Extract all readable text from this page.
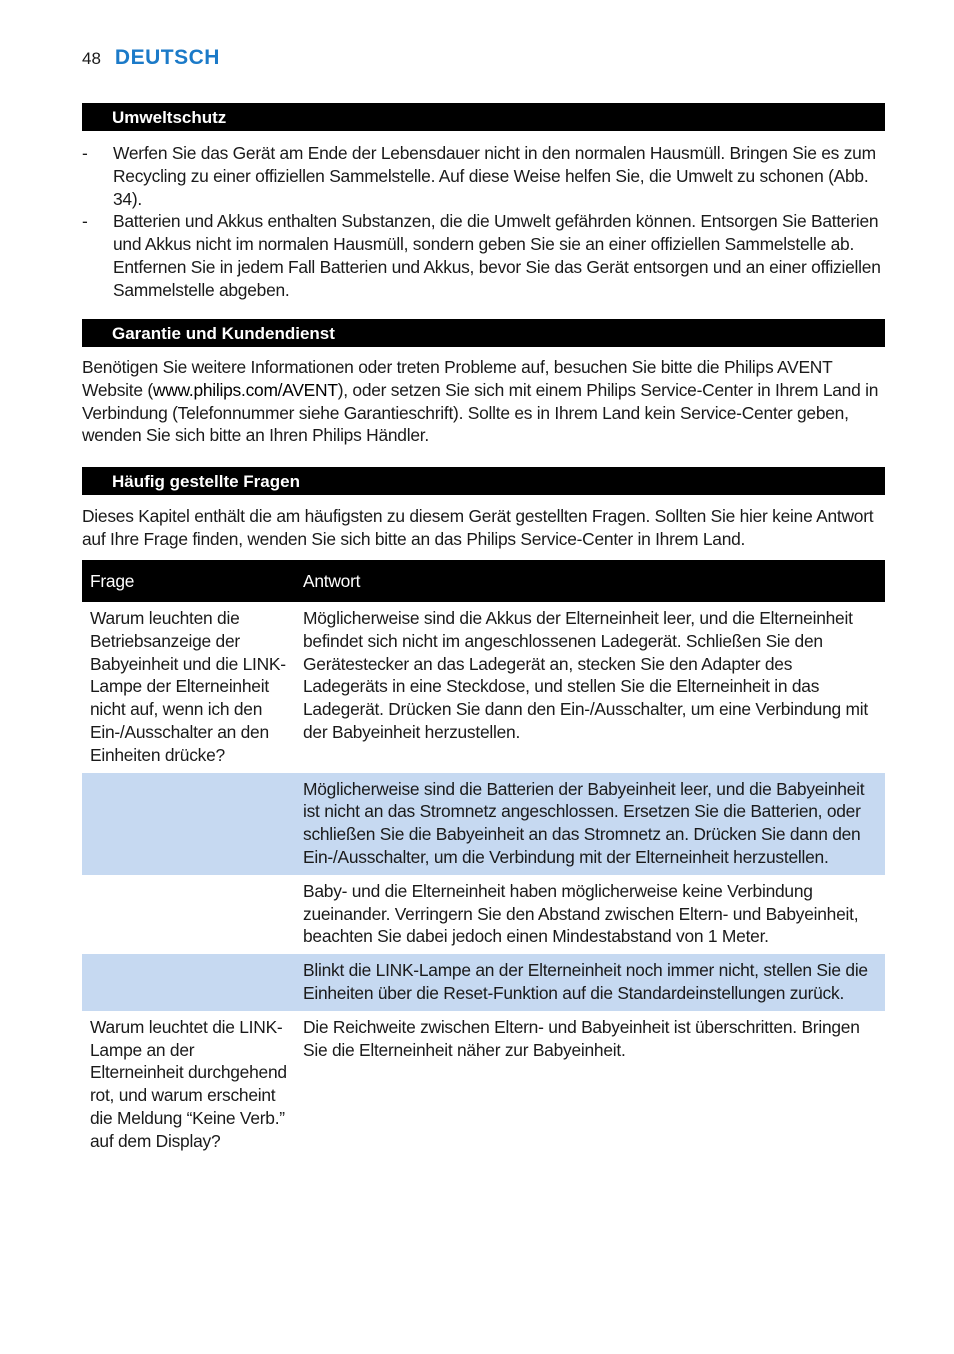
48 DEUTSCH
Umweltschutz
-	Werfen Sie das Gerät am Ende der Lebensdauer nicht in den normalen Hausmüll. Bringen Sie es zum Recycling zu einer offiziellen Sammelstelle. Auf diese Weise helfen Sie, die Umwelt zu schonen (Abb. 34).
-	Batterien und Akkus enthalten Substanzen, die die Umwelt gefährden können. Entsorgen Sie Batterien und Akkus nicht im normalen Hausmüll, sondern geben Sie sie an einer offiziellen Sammelstelle ab. Entfernen Sie in jedem Fall Batterien und Akkus, bevor Sie das Gerät entsorgen und an einer offiziellen Sammelstelle abgeben.
Garantie und Kundendienst

Benötigen Sie weitere Informationen oder treten Probleme auf, besuchen Sie bitte die Philips AVENT Website (www.philips.com/AVENT), oder setzen Sie sich mit einem Philips Service-Center in Ihrem Land in Verbindung (Telefonnummer siehe Garantieschrift). Sollte es in Ihrem Land kein Service-Center geben, wenden Sie sich bitte an Ihren Philips Händler.

Häufig gestellte Fragen

Dieses Kapitel enthält die am häufigsten zu diesem Gerät gestellten Fragen. Sollten Sie hier keine Antwort auf Ihre Frage finden, wenden Sie sich bitte an das Philips Service-Center in Ihrem Land.

Frage	Antwort
Warum leuchten die Betriebsanzeige der Babyeinheit und die LINK-Lampe der Elterneinheit nicht auf, wenn ich den Ein-/Ausschalter an den Einheiten drücke?	Möglicherweise sind die Akkus der Elterneinheit leer, und die Elterneinheit befindet sich nicht im angeschlossenen Ladegerät. Schließen Sie den Gerätestecker an das Ladegerät an, stecken Sie den Adapter des Ladegeräts in eine Steckdose, und stellen Sie die Elterneinheit in das Ladegerät. Drücken Sie dann den Ein-/Ausschalter, um eine Verbindung mit der Babyeinheit herzustellen.
	Möglicherweise sind die Batterien der Babyeinheit leer, und die Babyeinheit ist nicht an das Stromnetz angeschlossen. Ersetzen Sie die Batterien, oder schließen Sie die Babyeinheit an das Stromnetz an. Drücken Sie dann den Ein-/Ausschalter, um die Verbindung mit der Elterneinheit herzustellen.
	Baby- und die Elterneinheit haben möglicherweise keine Verbindung zueinander. Verringern Sie den Abstand zwischen Eltern- und Babyeinheit, beachten Sie dabei jedoch einen Mindestabstand von 1 Meter.
	Blinkt die LINK-Lampe an der Elterneinheit noch immer nicht, stellen Sie die Einheiten über die Reset-Funktion auf die Standardeinstellungen zurück.
Warum leuchtet die LINK-Lampe an der Elterneinheit durchgehend rot, und warum erscheint die Meldung “Keine Verb.” auf dem Display?	Die Reichweite zwischen Eltern- und Babyeinheit ist überschritten. Bringen Sie die Elterneinheit näher zur Babyeinheit.
